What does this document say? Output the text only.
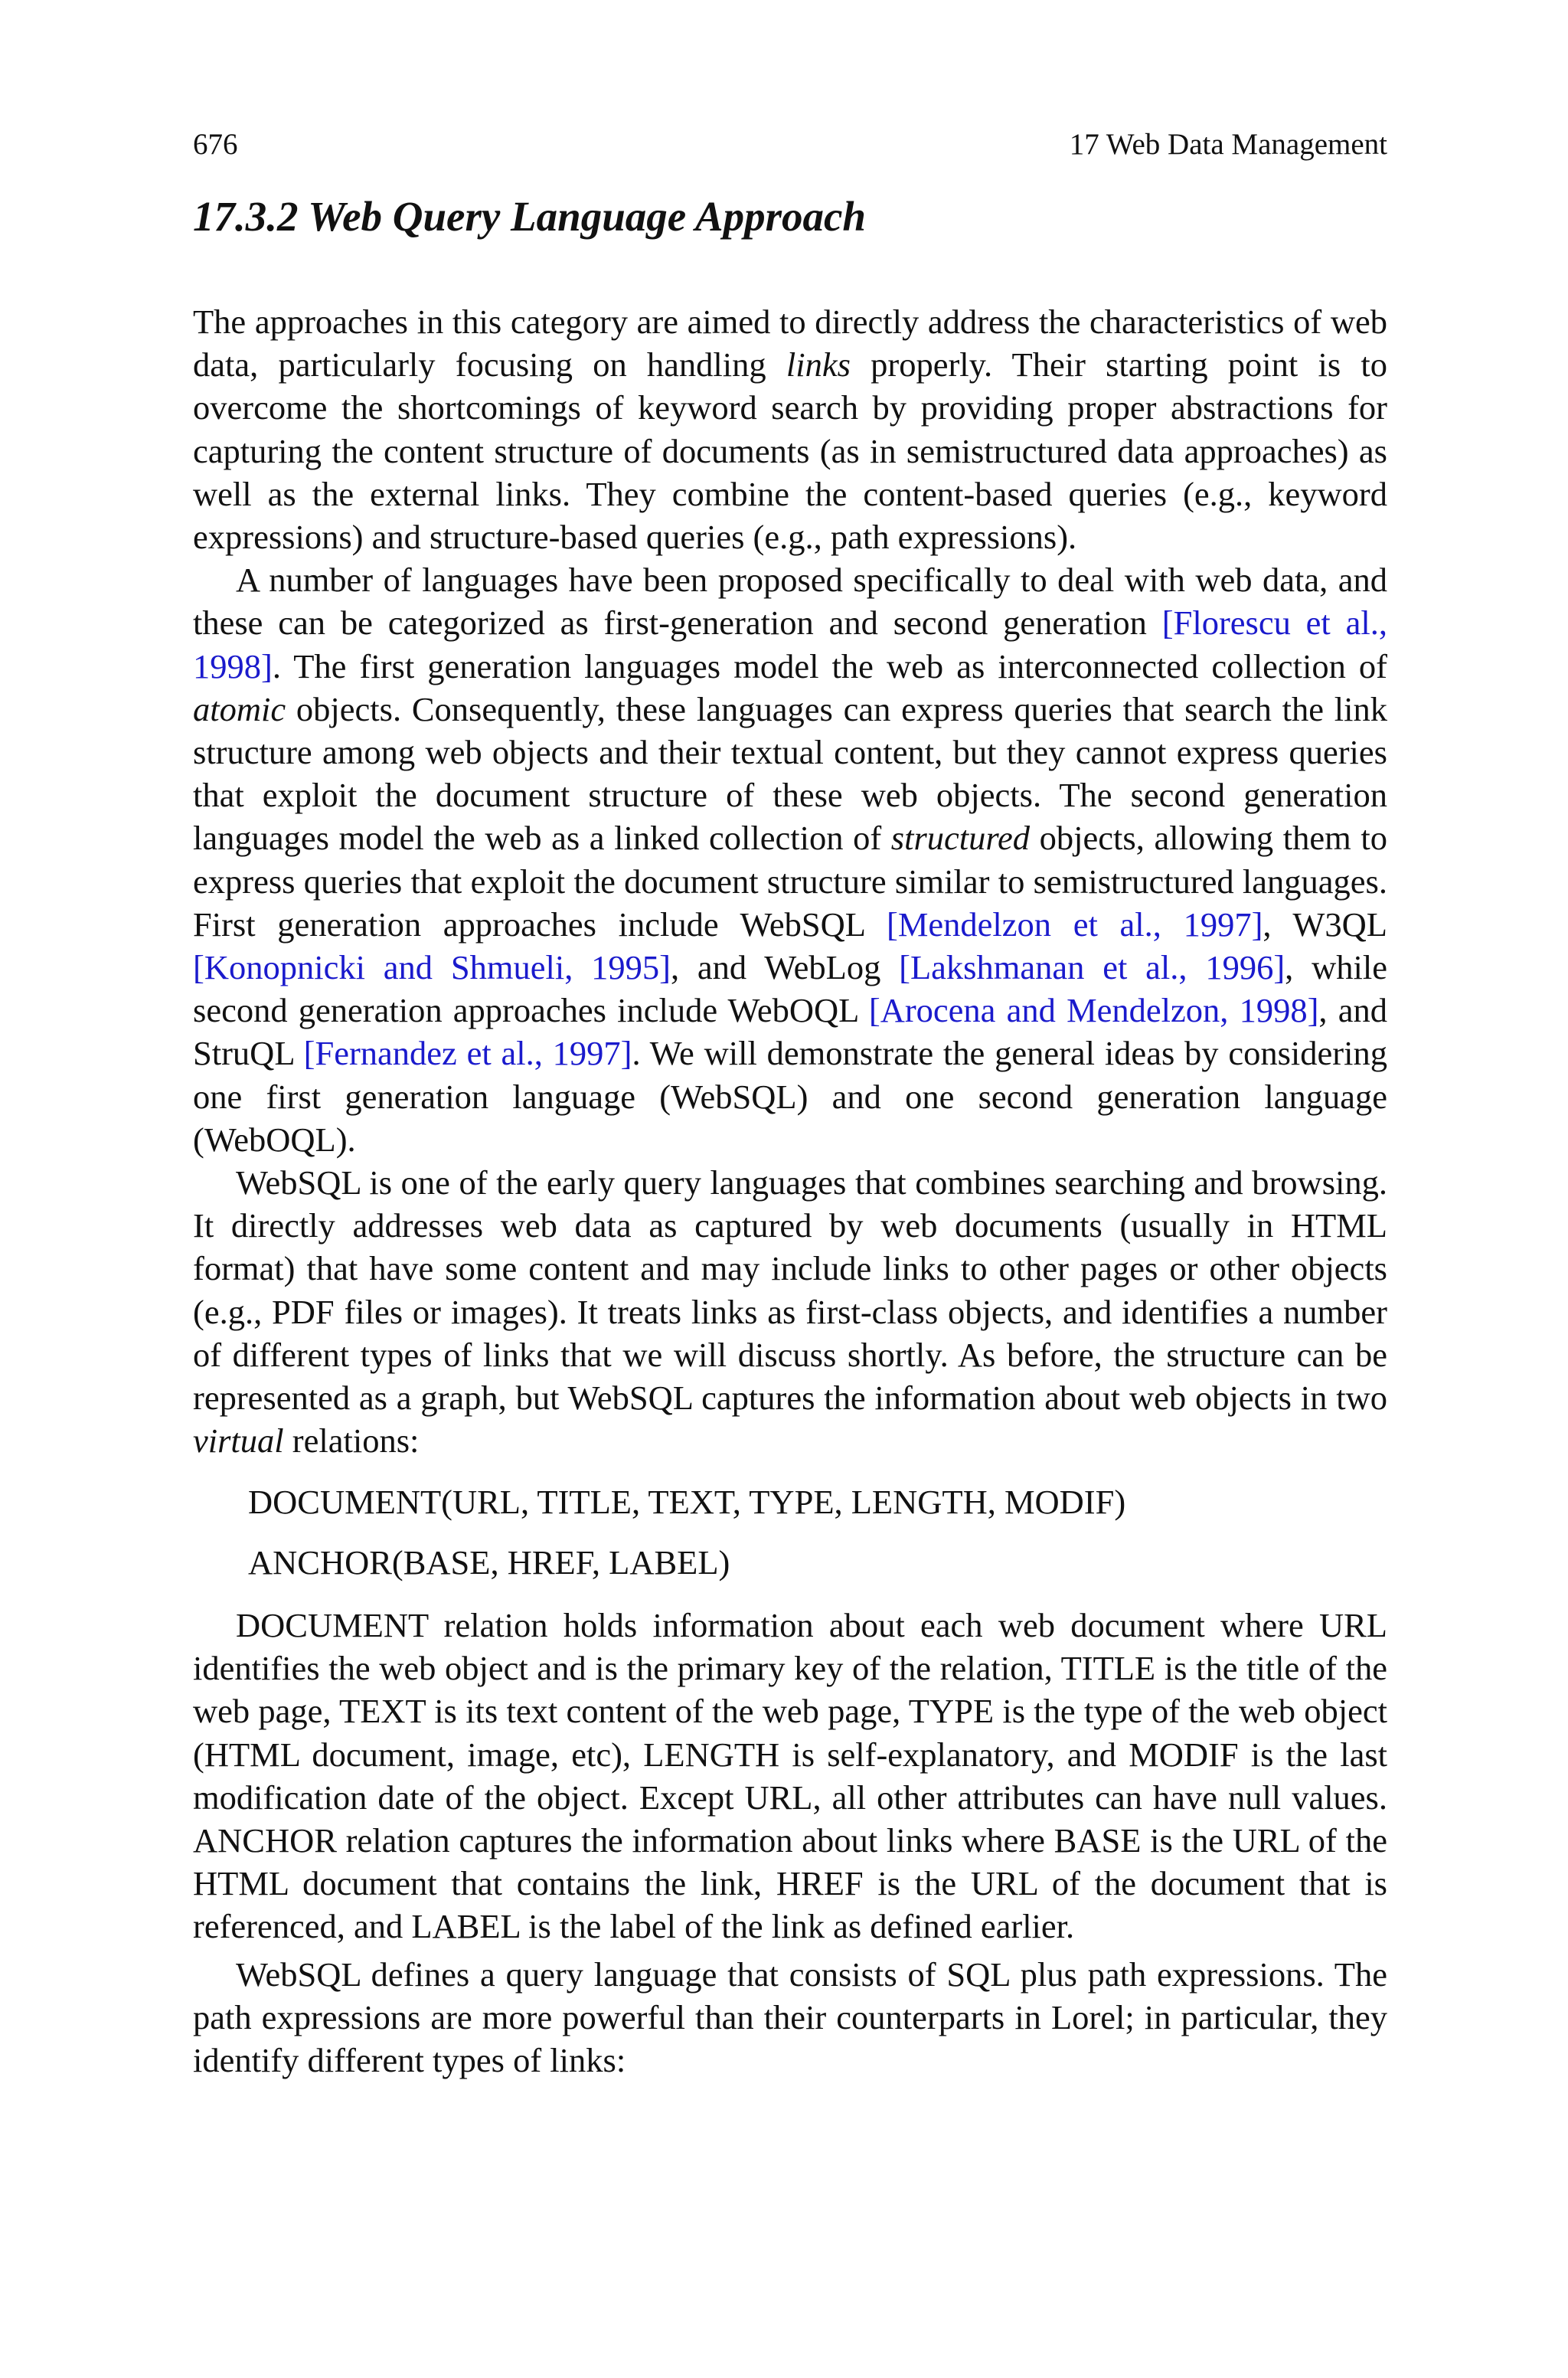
676	17 Web Data Management
17.3.2 Web Query Language Approach

The approaches in this category are aimed to directly address the characteristics of web data, particularly focusing on handling links properly. Their starting point is to overcome the shortcomings of keyword search by providing proper abstractions for capturing the content structure of documents (as in semistructured data approaches) as well as the external links. They combine the content-based queries (e.g., keyword expressions) and structure-based queries (e.g., path expressions).

A number of languages have been proposed specifically to deal with web data, and these can be categorized as first-generation and second generation [Florescu et al., 1998]. The first generation languages model the web as interconnected collection of atomic objects. Consequently, these languages can express queries that search the link structure among web objects and their textual content, but they cannot express queries that exploit the document structure of these web objects. The second generation languages model the web as a linked collection of structured objects, allowing them to express queries that exploit the document structure similar to semistructured languages. First generation approaches include WebSQL [Mendelzon et al., 1997], W3QL [Konopnicki and Shmueli, 1995], and WebLog [Lakshmanan et al., 1996], while second generation approaches include WebOQL [Arocena and Mendelzon, 1998], and StruQL [Fernandez et al., 1997]. We will demonstrate the general ideas by considering one first generation language (WebSQL) and one second generation language (WebOQL).

WebSQL is one of the early query languages that combines searching and browsing. It directly addresses web data as captured by web documents (usually in HTML format) that have some content and may include links to other pages or other objects (e.g., PDF files or images). It treats links as first-class objects, and identifies a number of different types of links that we will discuss shortly. As before, the structure can be represented as a graph, but WebSQL captures the information about web objects in two virtual relations:

DOCUMENT(URL, TITLE, TEXT, TYPE, LENGTH, MODIF)

ANCHOR(BASE, HREF, LABEL)

DOCUMENT relation holds information about each web document where URL identifies the web object and is the primary key of the relation, TITLE is the title of the web page, TEXT is its text content of the web page, TYPE is the type of the web object (HTML document, image, etc), LENGTH is self-explanatory, and MODIF is the last modification date of the object. Except URL, all other attributes can have null values. ANCHOR relation captures the information about links where BASE is the URL of the HTML document that contains the link, HREF is the URL of the document that is referenced, and LABEL is the label of the link as defined earlier.

WebSQL defines a query language that consists of SQL plus path expressions. The path expressions are more powerful than their counterparts in Lorel; in particular, they identify different types of links:
